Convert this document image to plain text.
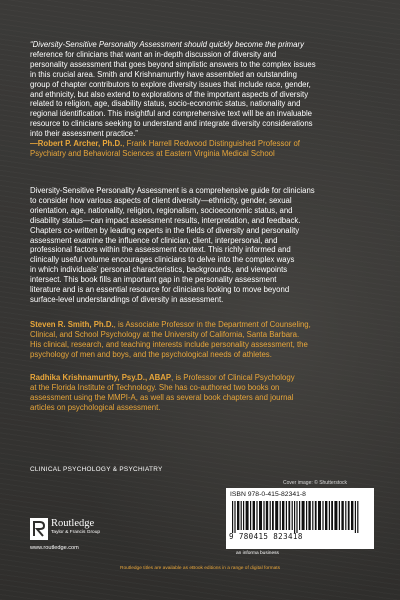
“Diversity-Sensitive Personality Assessment should quickly become the primary

reference for clinicians that want an in-depth discussion of diversity and

personality assessment that goes beyond simplistic answers to the complex issues

in this crucial area. Smith and Krishnamurthy have assembled an outstanding

group of chapter contributors to explore diversity issues that include race, gender,

and ethnicity, but also extend to explorations of the important aspects of diversity

related to religion, age, disability status, socio-economic status, nationality and

regional identification. This insightful and comprehensive text will be an invaluable

resource to clinicians seeking to understand and integrate diversity considerations

into their assessment practice.”

—Robert P. Archer, Ph.D., Frank Harrell Redwood Distinguished Professor of

Psychiatry and Behavioral Sciences at Eastern Virginia Medical School

Diversity-Sensitive Personality Assessment is a comprehensive guide for clinicians

to consider how various aspects of client diversity—ethnicity, gender, sexual

orientation, age, nationality, religion, regionalism, socioeconomic status, and

disability status—can impact assessment results, interpretation, and feedback.

Chapters co-written by leading experts in the fields of diversity and personality

assessment examine the influence of clinician, client, interpersonal, and

professional factors within the assessment context. This richly informed and

clinically useful volume encourages clinicians to delve into the complex ways

in which individuals’ personal characteristics, backgrounds, and viewpoints

intersect. This book fills an important gap in the personality assessment

literature and is an essential resource for clinicians looking to move beyond

surface-level understandings of diversity in assessment.

Steven R. Smith, Ph.D., is Associate Professor in the Department of Counseling,

Clinical, and School Psychology at the University of California, Santa Barbara.

His clinical, research, and teaching interests include personality assessment, the

psychology of men and boys, and the psychological needs of athletes.

Radhika Krishnamurthy, Psy.D., ABAP, is Professor of Clinical Psychology

at the Florida Institute of Technology. She has co-authored two books on

assessment using the MMPI-A, as well as several book chapters and journal

articles on psychological assessment.

CLINICAL PSYCHOLOGY & PSYCHIATRY
Cover image: © Shutterstock
ISBN 978-0-415-82341-8
9 780415 823418
an informa business
Routledge
Taylor & Francis Group
www.routledge.com
Routledge titles are available as eBook editions in a range of digital formats
